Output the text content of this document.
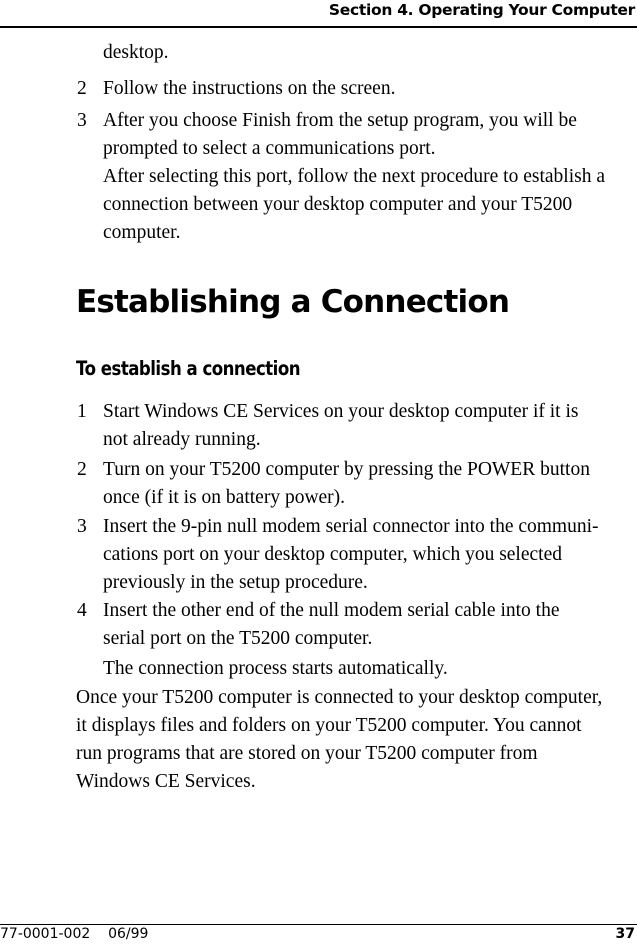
Section 4. Operating Your Computer
desktop.
2 Follow the instructions on the screen.
3 After you choose Finish from the setup program, you will be
prompted to select a communications port.
After selecting this port, follow the next procedure to establish a
connection between your desktop computer and your T5200
computer.
Establishing a Connection
To establish a connection
1 Start Windows CE Services on your desktop computer if it is
not already running.
2 Turn on your T5200 computer by pressing the POWER button
once (if it is on battery power).
3 Insert the 9-pin null modem serial connector into the communi-
cations port on your desktop computer, which you selected
previously in the setup procedure.
4 Insert the other end of the null modem serial cable into the
serial port on the T5200 computer.
The connection process starts automatically.
Once your T5200 computer is connected to your desktop computer,
it displays files and folders on your T5200 computer. You cannot
run programs that are stored on your T5200 computer from
Windows CE Services.
77-0001-002 06/99	37
